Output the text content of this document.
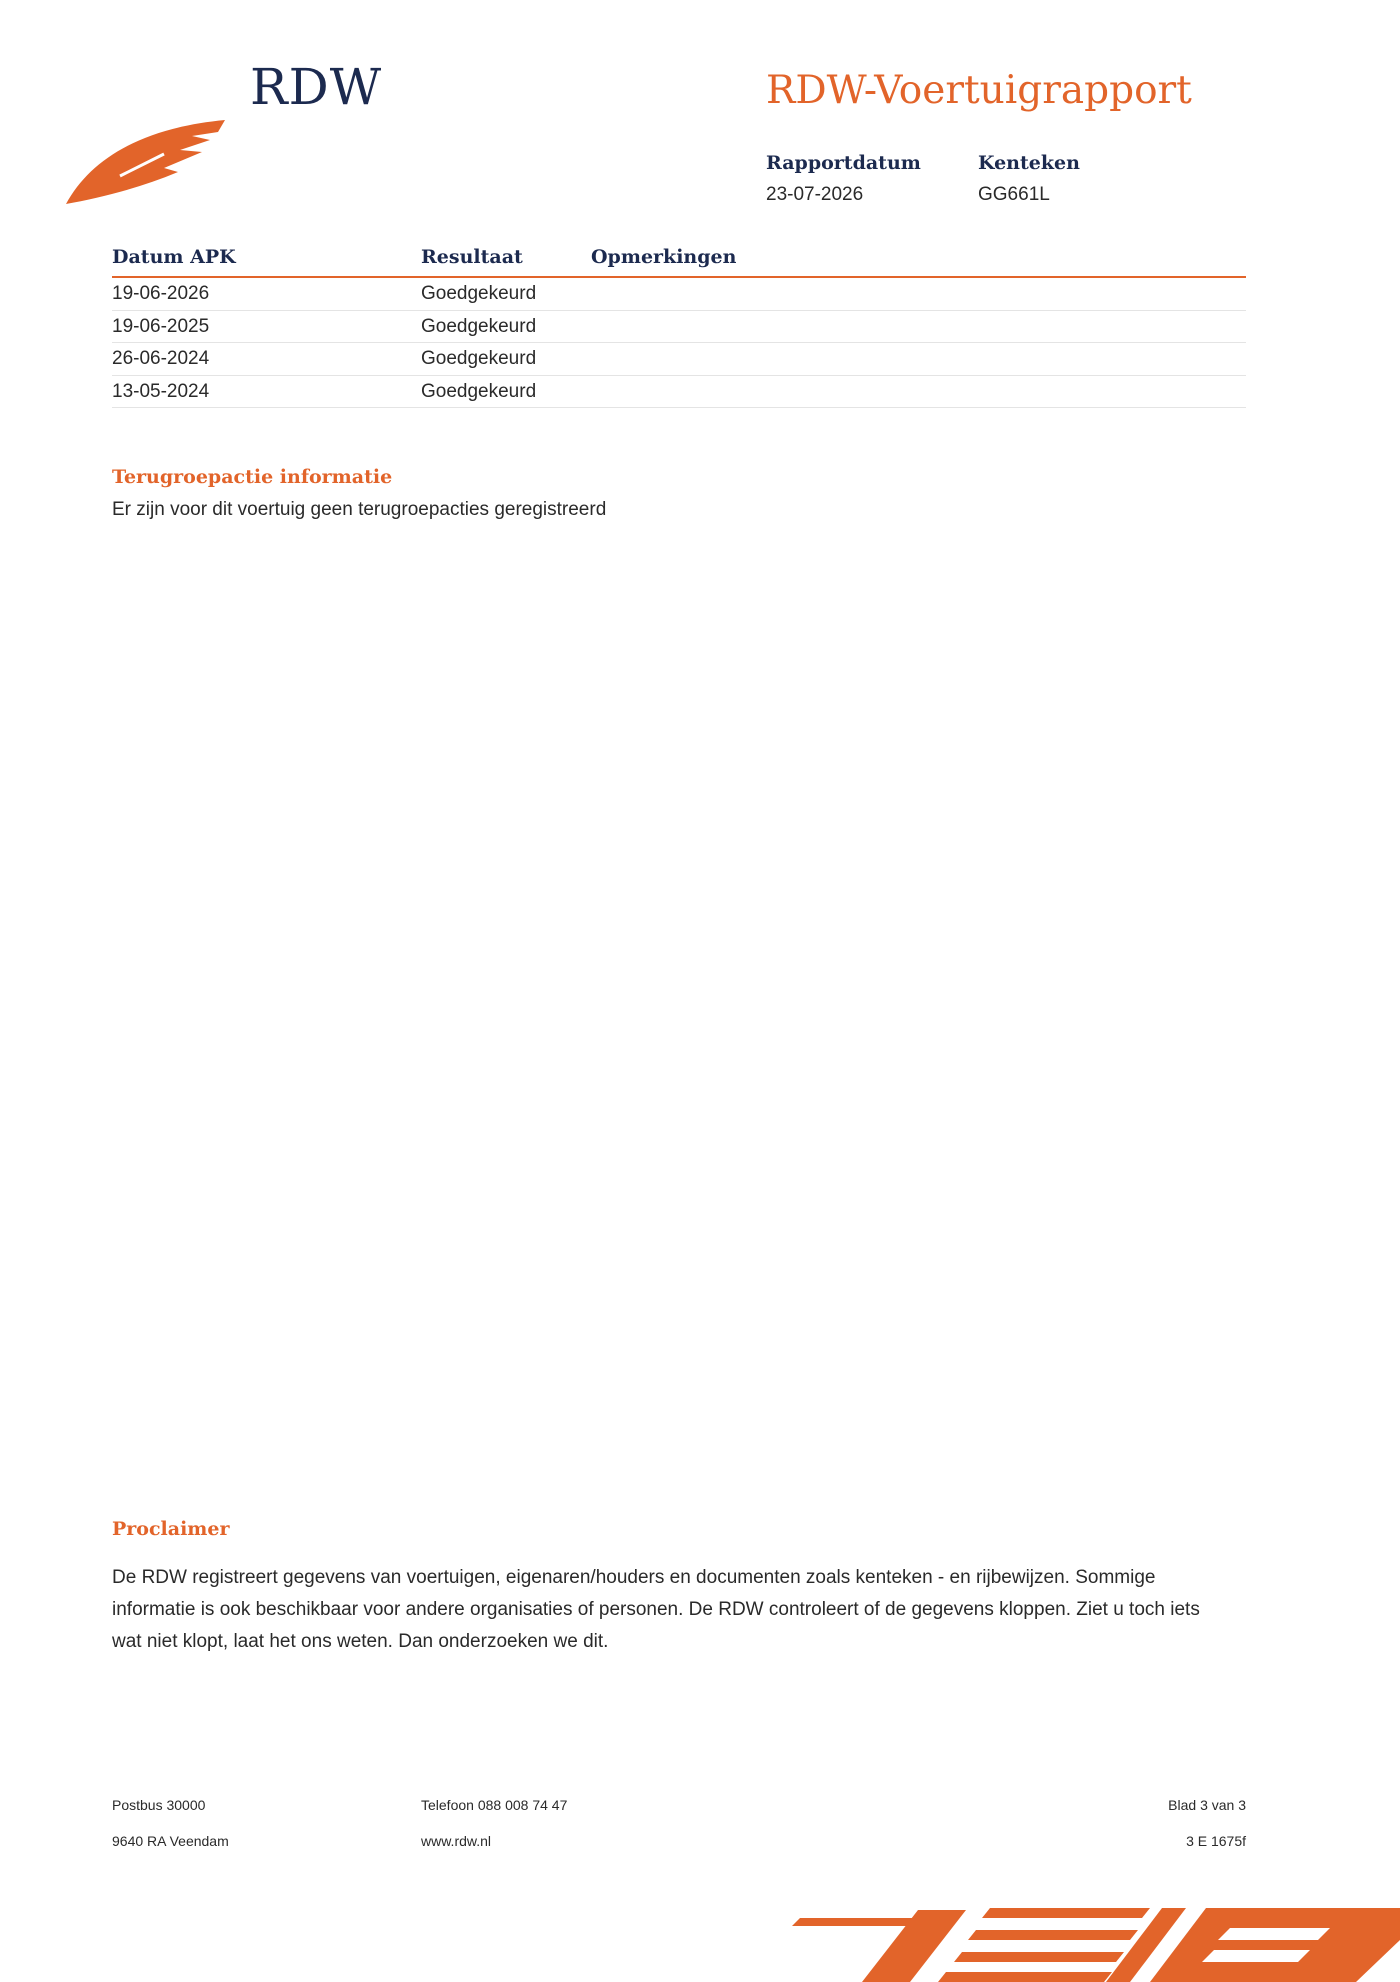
RDW	RDW-Voertuigrapport
Rapportdatum
23-07-2026
Kenteken
GG661L
Datum APK	Resultaat	Opmerkingen
19-06-2026	Goedgekeurd
19-06-2025	Goedgekeurd
26-06-2024	Goedgekeurd
13-05-2024	Goedgekeurd
Terugroepactie informatie
Er zijn voor dit voertuig geen terugroepacties geregistreerd
Proclaimer
De RDW registreert gegevens van voertuigen, eigenaren/houders en documenten zoals kenteken - en rijbewijzen. Sommige informatie is ook beschikbaar voor andere organisaties of personen. De RDW controleert of de gegevens kloppen. Ziet u toch iets wat niet klopt, laat het ons weten. Dan onderzoeken we dit.
Postbus 30000
9640 RA Veendam
Telefoon 088 008 74 47
www.rdw.nl
Blad 3 van 3
3 E 1675f
